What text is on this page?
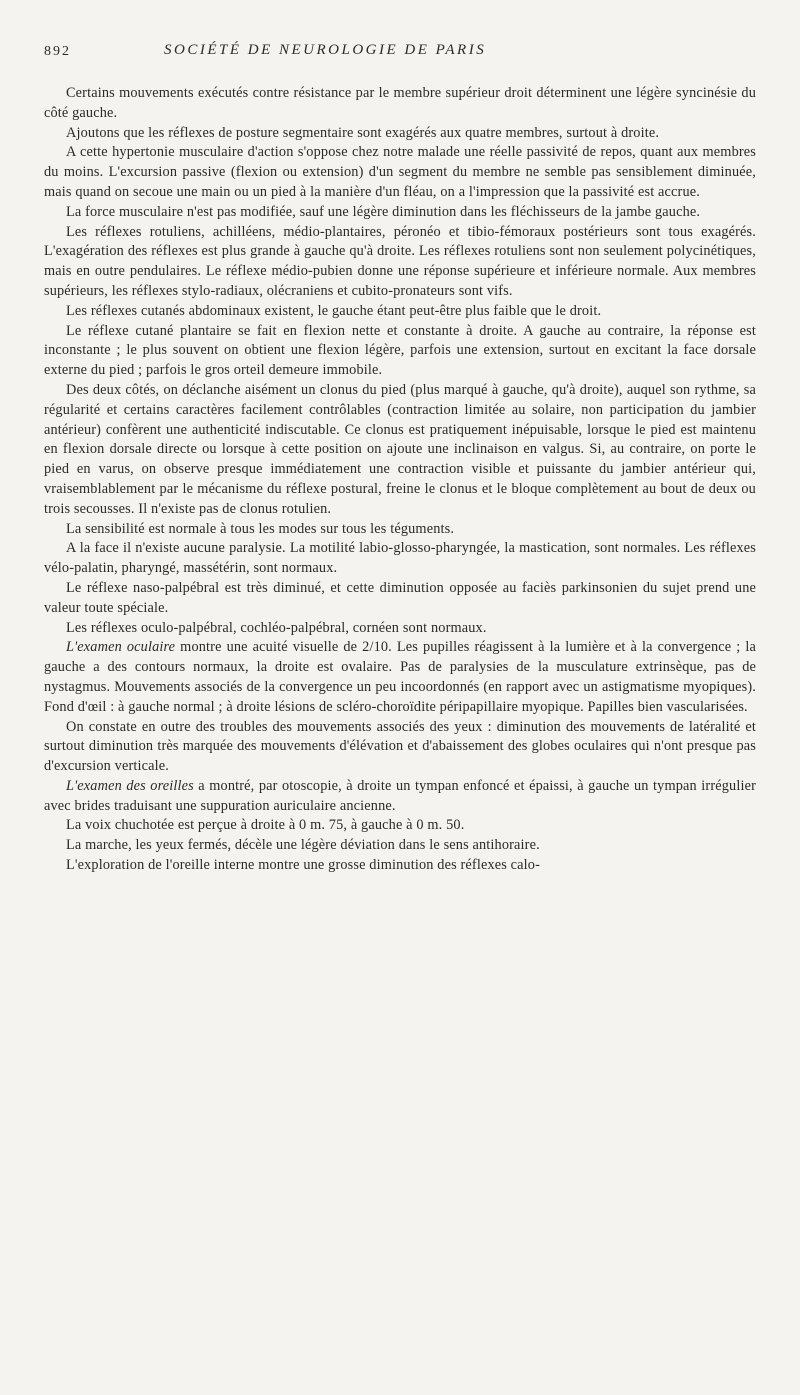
892	SOCIÉTÉ DE NEUROLOGIE DE PARIS

Certains mouvements exécutés contre résistance par le membre supérieur droit déterminent une légère syncinésie du côté gauche.

Ajoutons que les réflexes de posture segmentaire sont exagérés aux quatre membres, surtout à droite.

A cette hypertonie musculaire d'action s'oppose chez notre malade une réelle passivité de repos, quant aux membres du moins. L'excursion passive (flexion ou extension) d'un segment du membre ne semble pas sensiblement diminuée, mais quand on secoue une main ou un pied à la manière d'un fléau, on a l'impression que la passivité est accrue.

La force musculaire n'est pas modifiée, sauf une légère diminution dans les fléchisseurs de la jambe gauche.

Les réflexes rotuliens, achilléens, médio-plantaires, péronéo et tibio-fémoraux postérieurs sont tous exagérés. L'exagération des réflexes est plus grande à gauche qu'à droite. Les réflexes rotuliens sont non seulement polycinétiques, mais en outre pendulaires. Le réflexe médio-pubien donne une réponse supérieure et inférieure normale. Aux membres supérieurs, les réflexes stylo-radiaux, olécraniens et cubito-pronateurs sont vifs.

Les réflexes cutanés abdominaux existent, le gauche étant peut-être plus faible que le droit.

Le réflexe cutané plantaire se fait en flexion nette et constante à droite. A gauche au contraire, la réponse est inconstante ; le plus souvent on obtient une flexion légère, parfois une extension, surtout en excitant la face dorsale externe du pied ; parfois le gros orteil demeure immobile.

Des deux côtés, on déclanche aisément un clonus du pied (plus marqué à gauche, qu'à droite), auquel son rythme, sa régularité et certains caractères facilement contrôlables (contraction limitée au solaire, non participation du jambier antérieur) confèrent une authenticité indiscutable. Ce clonus est pratiquement inépuisable, lorsque le pied est maintenu en flexion dorsale directe ou lorsque à cette position on ajoute une inclinaison en valgus. Si, au contraire, on porte le pied en varus, on observe presque immédiatement une contraction visible et puissante du jambier antérieur qui, vraisemblablement par le mécanisme du réflexe postural, freine le clonus et le bloque complètement au bout de deux ou trois secousses. Il n'existe pas de clonus rotulien.

La sensibilité est normale à tous les modes sur tous les téguments.

A la face il n'existe aucune paralysie. La motilité labio-glosso-pharyngée, la mastication, sont normales. Les réflexes vélo-palatin, pharyngé, massétérin, sont normaux.

Le réflexe naso-palpébral est très diminué, et cette diminution opposée au faciès parkinsonien du sujet prend une valeur toute spéciale.

Les réflexes oculo-palpébral, cochléo-palpébral, cornéen sont normaux.

L'examen oculaire montre une acuité visuelle de 2/10. Les pupilles réagissent à la lumière et à la convergence ; la gauche a des contours normaux, la droite est ovalaire. Pas de paralysies de la musculature extrinsèque, pas de nystagmus. Mouvements associés de la convergence un peu incoordonnés (en rapport avec un astigmatisme myopiques). Fond d'œil : à gauche normal ; à droite lésions de scléro-choroïdite péripapillaire myopique. Papilles bien vascularisées.

On constate en outre des troubles des mouvements associés des yeux : diminution des mouvements de latéralité et surtout diminution très marquée des mouvements d'élévation et d'abaissement des globes oculaires qui n'ont presque pas d'excursion verticale.

L'examen des oreilles a montré, par otoscopie, à droite un tympan enfoncé et épaissi, à gauche un tympan irrégulier avec brides traduisant une suppuration auriculaire ancienne.

La voix chuchotée est perçue à droite à 0 m. 75, à gauche à 0 m. 50.

La marche, les yeux fermés, décèle une légère déviation dans le sens antihoraire.

L'exploration de l'oreille interne montre une grosse diminution des réflexes calo-
